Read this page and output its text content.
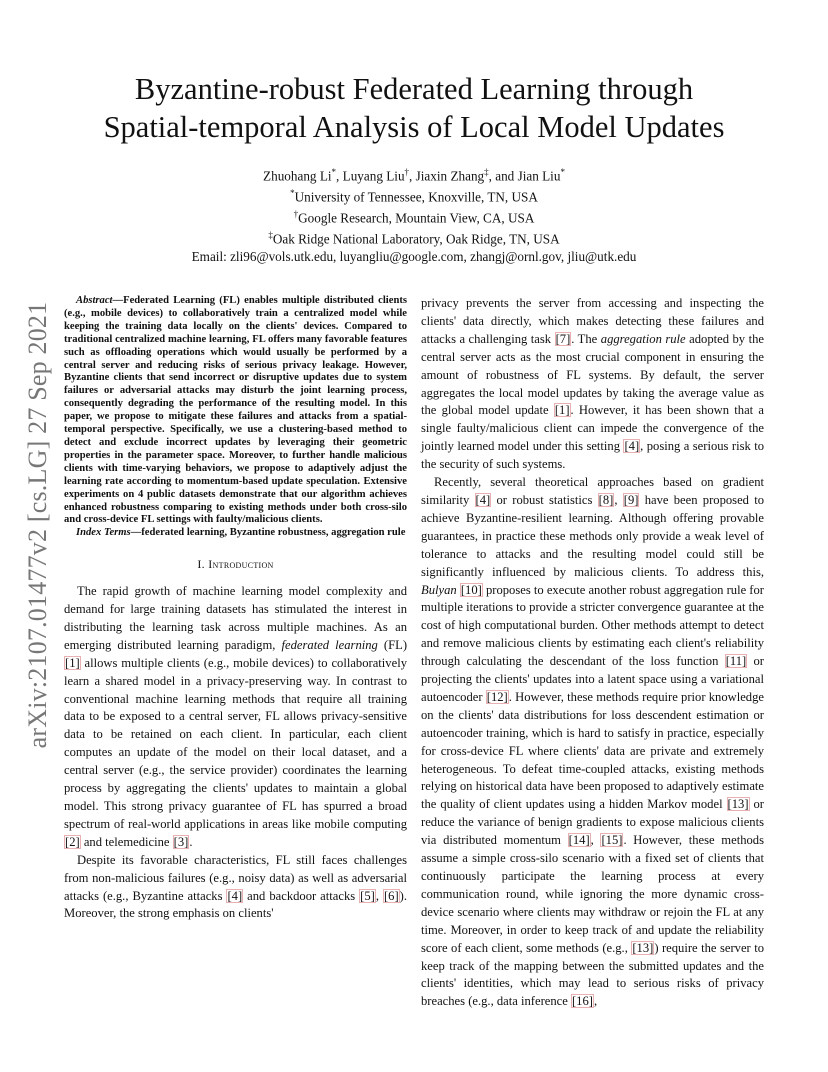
arXiv:2107.01477v2 [cs.LG] 27 Sep 2021
Byzantine-robust Federated Learning through
Spatial-temporal Analysis of Local Model Updates
Zhuohang Li*, Luyang Liu†, Jiaxin Zhang‡, and Jian Liu*
*University of Tennessee, Knoxville, TN, USA
†Google Research, Mountain View, CA, USA
‡Oak Ridge National Laboratory, Oak Ridge, TN, USA
Email: zli96@vols.utk.edu, luyangliu@google.com, zhangj@ornl.gov, jliu@utk.edu

Abstract—Federated Learning (FL) enables multiple distributed clients (e.g., mobile devices) to collaboratively train a centralized model while keeping the training data locally on the clients' devices. Compared to traditional centralized machine learning, FL offers many favorable features such as offloading operations which would usually be performed by a central server and reducing risks of serious privacy leakage. However, Byzantine clients that send incorrect or disruptive updates due to system failures or adversarial attacks may disturb the joint learning process, consequently degrading the performance of the resulting model. In this paper, we propose to mitigate these failures and attacks from a spatial-temporal perspective. Specifically, we use a clustering-based method to detect and exclude incorrect updates by leveraging their geometric properties in the parameter space. Moreover, to further handle malicious clients with time-varying behaviors, we propose to adaptively adjust the learning rate according to momentum-based update speculation. Extensive experiments on 4 public datasets demonstrate that our algorithm achieves enhanced robustness comparing to existing methods under both cross-silo and cross-device FL settings with faulty/malicious clients.

Index Terms—federated learning, Byzantine robustness, aggregation rule

I. Introduction

The rapid growth of machine learning model complexity and demand for large training datasets has stimulated the interest in distributing the learning task across multiple machines. As an emerging distributed learning paradigm, federated learning (FL) [1] allows multiple clients (e.g., mobile devices) to collaboratively learn a shared model in a privacy-preserving way. In contrast to conventional machine learning methods that require all training data to be exposed to a central server, FL allows privacy-sensitive data to be retained on each client. In particular, each client computes an update of the model on their local dataset, and a central server (e.g., the service provider) coordinates the learning process by aggregating the clients' updates to maintain a global model. This strong privacy guarantee of FL has spurred a broad spectrum of real-world applications in areas like mobile computing [2] and telemedicine [3].

Despite its favorable characteristics, FL still faces challenges from non-malicious failures (e.g., noisy data) as well as adversarial attacks (e.g., Byzantine attacks [4] and backdoor attacks [5], [6]). Moreover, the strong emphasis on clients'

privacy prevents the server from accessing and inspecting the clients' data directly, which makes detecting these failures and attacks a challenging task [7]. The aggregation rule adopted by the central server acts as the most crucial component in ensuring the amount of robustness of FL systems. By default, the server aggregates the local model updates by taking the average value as the global model update [1]. However, it has been shown that a single faulty/malicious client can impede the convergence of the jointly learned model under this setting [4], posing a serious risk to the security of such systems.

Recently, several theoretical approaches based on gradient similarity [4] or robust statistics [8], [9] have been proposed to achieve Byzantine-resilient learning. Although offering provable guarantees, in practice these methods only provide a weak level of tolerance to attacks and the resulting model could still be significantly influenced by malicious clients. To address this, Bulyan [10] proposes to execute another robust aggregation rule for multiple iterations to provide a stricter convergence guarantee at the cost of high computational burden. Other methods attempt to detect and remove malicious clients by estimating each client's reliability through calculating the descendant of the loss function [11] or projecting the clients' updates into a latent space using a variational autoencoder [12]. However, these methods require prior knowledge on the clients' data distributions for loss descendent estimation or autoencoder training, which is hard to satisfy in practice, especially for cross-device FL where clients' data are private and extremely heterogeneous. To defeat time-coupled attacks, existing methods relying on historical data have been proposed to adaptively estimate the quality of client updates using a hidden Markov model [13] or reduce the variance of benign gradients to expose malicious clients via distributed momentum [14], [15]. However, these methods assume a simple cross-silo scenario with a fixed set of clients that continuously participate the learning process at every communication round, while ignoring the more dynamic cross-device scenario where clients may withdraw or rejoin the FL at any time. Moreover, in order to keep track of and update the reliability score of each client, some methods (e.g., [13]) require the server to keep track of the mapping between the submitted updates and the clients' identities, which may lead to serious risks of privacy breaches (e.g., data inference [16],
